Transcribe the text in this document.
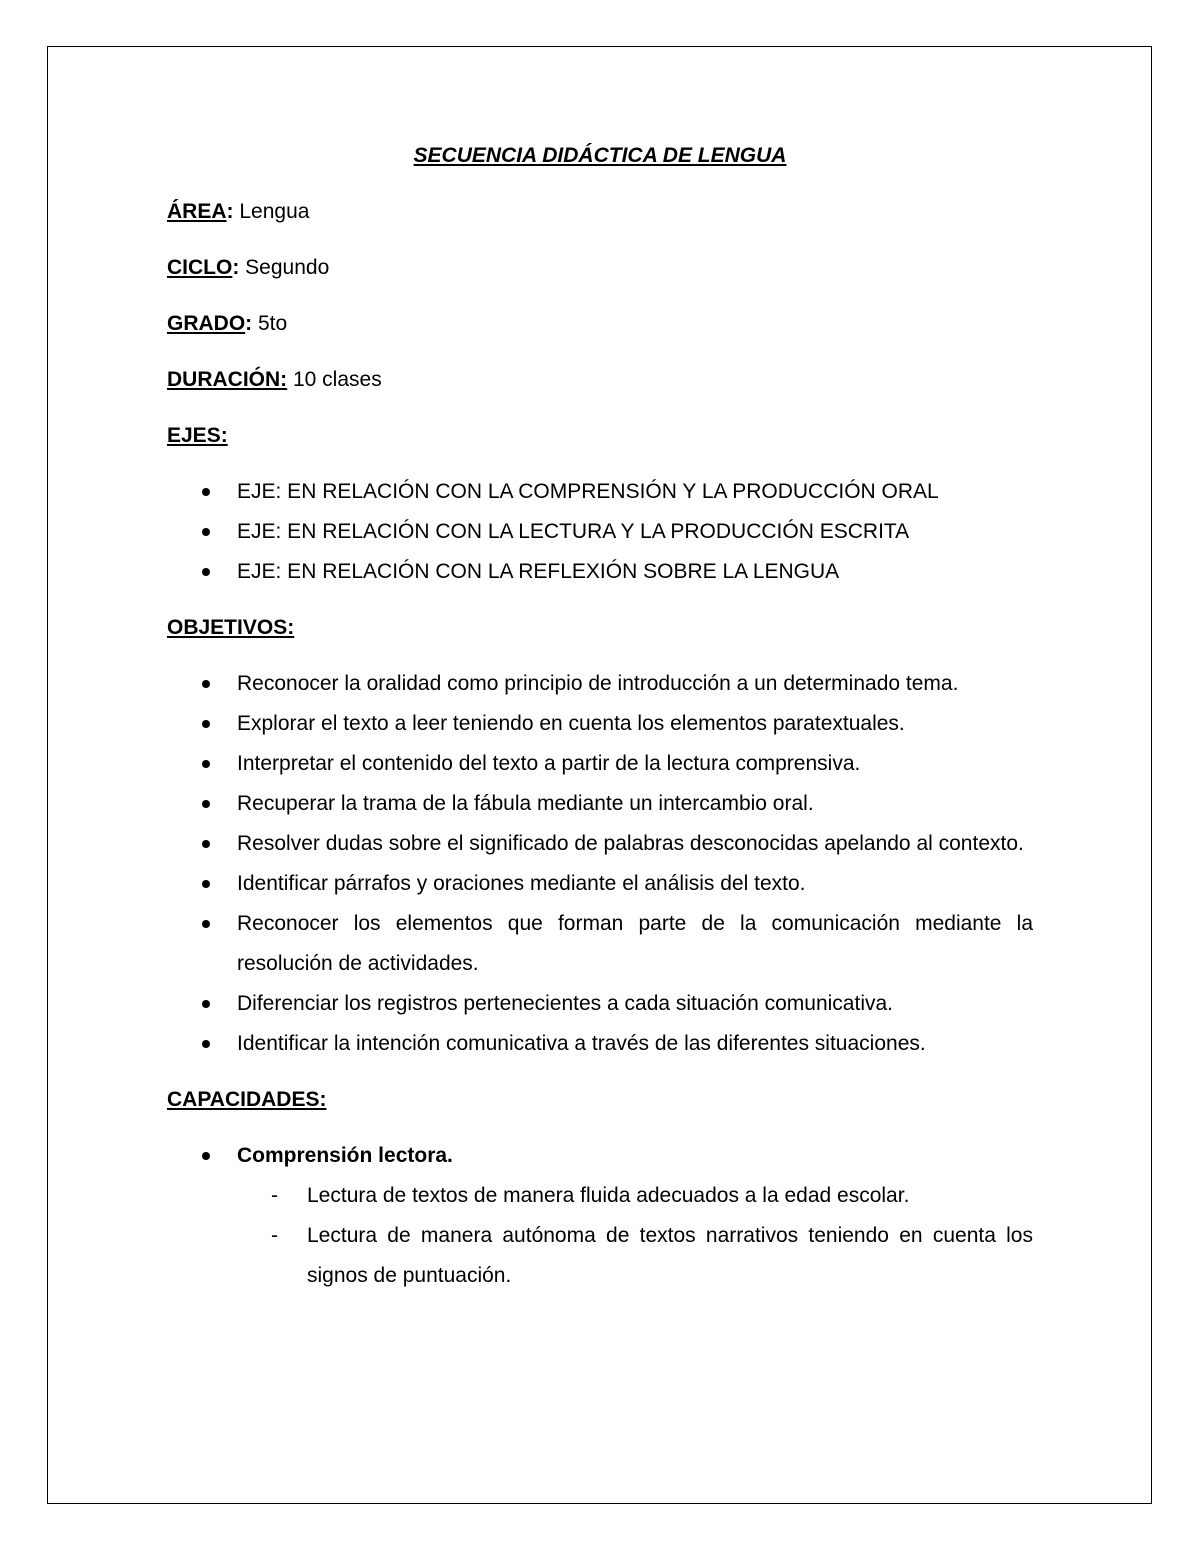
SECUENCIA DIDÁCTICA DE LENGUA
ÁREA: Lengua
CICLO: Segundo
GRADO: 5to
DURACIÓN: 10 clases
EJES:
EJE: EN RELACIÓN CON LA COMPRENSIÓN Y LA PRODUCCIÓN ORAL
EJE: EN RELACIÓN CON LA LECTURA Y LA PRODUCCIÓN ESCRITA
EJE: EN RELACIÓN CON LA REFLEXIÓN SOBRE LA LENGUA
OBJETIVOS:
Reconocer la oralidad como principio de introducción a un determinado tema.
Explorar el texto a leer teniendo en cuenta los elementos paratextuales.
Interpretar el contenido del texto a partir de la lectura comprensiva.
Recuperar la trama de la fábula mediante un intercambio oral.
Resolver dudas sobre el significado de palabras desconocidas apelando al contexto.
Identificar párrafos y oraciones mediante el análisis del texto.
Reconocer los elementos que forman parte de la comunicación mediante la resolución de actividades.
Diferenciar los registros pertenecientes a cada situación comunicativa.
Identificar la intención comunicativa a través de las diferentes situaciones.
CAPACIDADES:
Comprensión lectora.
- Lectura de textos de manera fluida adecuados a la edad escolar.
- Lectura de manera autónoma de textos narrativos teniendo en cuenta los signos de puntuación.
